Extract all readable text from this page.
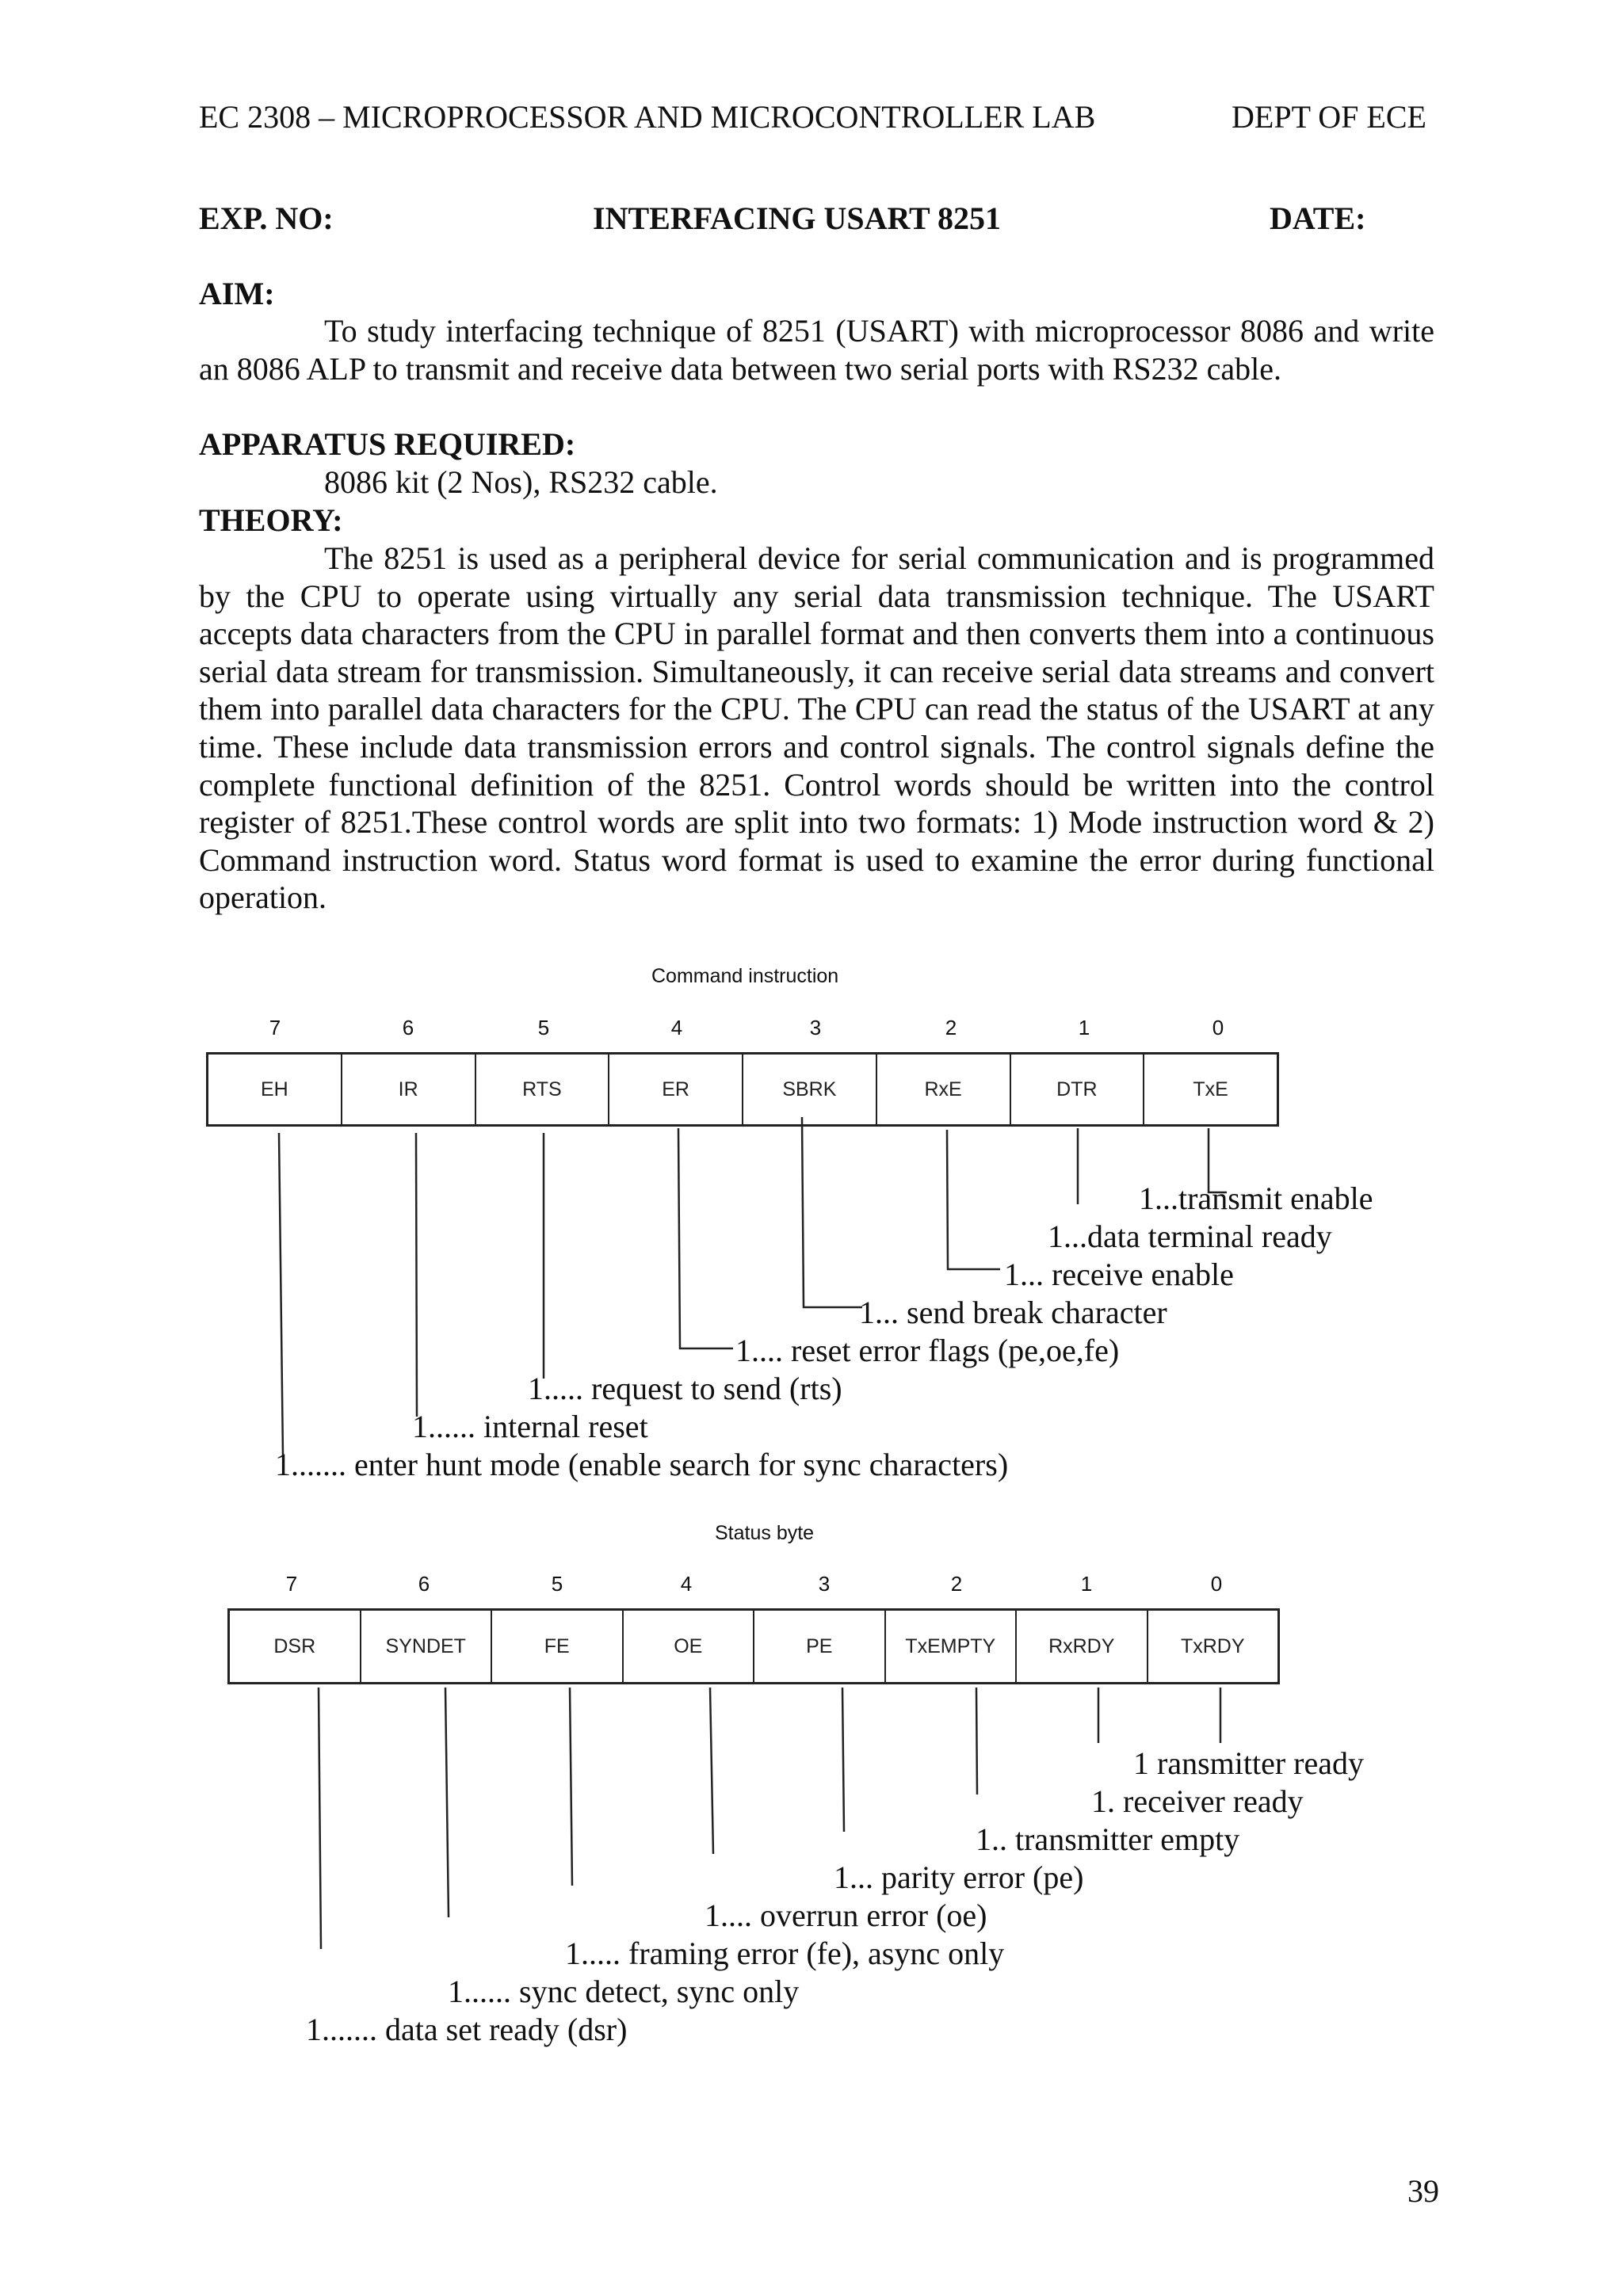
EC 2308 – MICROPROCESSOR AND MICROCONTROLLER LAB	DEPT OF ECE
EXP. NO:	INTERFACING USART 8251	DATE:
AIM:
To study interfacing technique of 8251 (USART) with microprocessor 8086 and write an 8086 ALP to transmit and receive data between two serial ports with RS232 cable.
APPARATUS REQUIRED:
8086 kit (2 Nos), RS232 cable.
THEORY:
The 8251 is used as a peripheral device for serial communication and is programmed by the CPU to operate using virtually any serial data transmission technique. The USART accepts data characters from the CPU in parallel format and then converts them into a continuous serial data stream for transmission. Simultaneously, it can receive serial data streams and convert them into parallel data characters for the CPU. The CPU can read the status of the USART at any time. These include data transmission errors and control signals. The control signals define the complete functional definition of the 8251. Control words should be written into the control register of 8251.These control words are split into two formats: 1) Mode instruction word & 2) Command instruction word. Status word format is used to examine the error during functional operation.
Command instruction
7	6	5	4	3	2	1	0
EH	IR	RTS	ER	SBRK	RxE	DTR	TxE
1....... enter hunt mode (enable search for sync characters)
1...... internal reset
1..... request to send (rts)
1.... reset error flags (pe,oe,fe)
1... send break character
1... receive enable
1...data terminal ready
1...transmit enable
Status byte
7	6	5	4	3	2	1	0
DSR	SYNDET	FE	OE	PE	TxEMPTY	RxRDY	TxRDY
1....... data set ready (dsr)
1...... sync detect, sync only
1..... framing error (fe), async only
1.... overrun error (oe)
1... parity error (pe)
1.. transmitter empty
1. receiver ready
1 ransmitter ready
39
